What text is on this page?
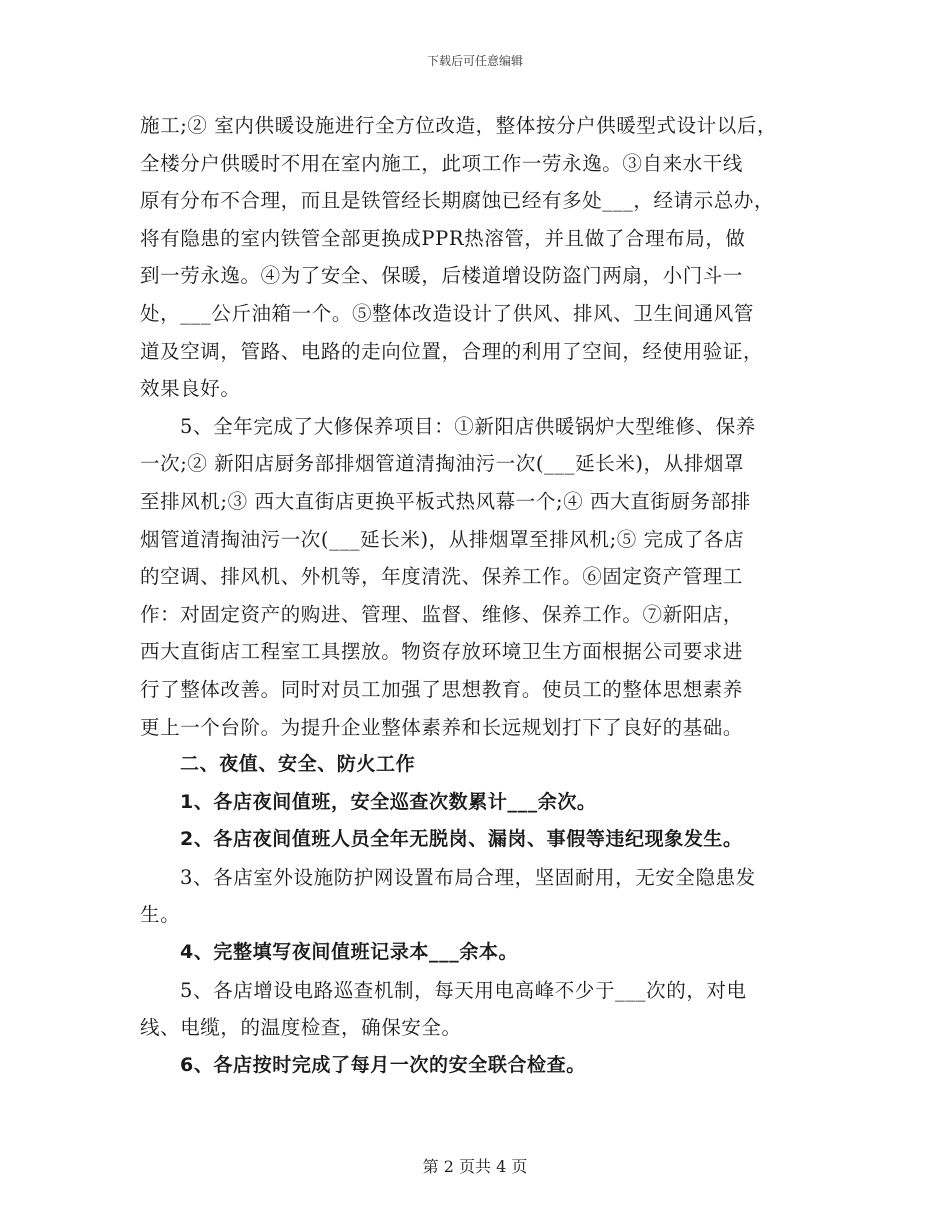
下载后可任意编辑
施工;② 室内供暖设施进行全方位改造，整体按分户供暖型式设计以后，
全楼分户供暖时不用在室内施工，此项工作一劳永逸。③自来水干线
原有分布不合理，而且是铁管经长期腐蚀已经有多处___，经请示总办，
将有隐患的室内铁管全部更换成PPR热溶管，并且做了合理布局，做
到一劳永逸。④为了安全、保暖，后楼道增设防盗门两扇，小门斗一
处，___公斤油箱一个。⑤整体改造设计了供风、排风、卫生间通风管
道及空调，管路、电路的走向位置，合理的利用了空间，经使用验证，
效果良好。
5、全年完成了大修保养项目：①新阳店供暖锅炉大型维修、保养
一次;② 新阳店厨务部排烟管道清掏油污一次(___延长米)，从排烟罩
至排风机;③ 西大直街店更换平板式热风幕一个;④ 西大直街厨务部排
烟管道清掏油污一次(___延长米)，从排烟罩至排风机;⑤ 完成了各店
的空调、排风机、外机等，年度清洗、保养工作。⑥固定资产管理工
作：对固定资产的购进、管理、监督、维修、保养工作。⑦新阳店，
西大直街店工程室工具摆放。物资存放环境卫生方面根据公司要求进
行了整体改善。同时对员工加强了思想教育。使员工的整体思想素养
更上一个台阶。为提升企业整体素养和长远规划打下了良好的基础。
二、夜值、安全、防火工作
1、各店夜间值班，安全巡查次数累计___余次。
2、各店夜间值班人员全年无脱岗、漏岗、事假等违纪现象发生。
3、各店室外设施防护网设置布局合理，坚固耐用，无安全隐患发
生。
4、完整填写夜间值班记录本___余本。
5、各店增设电路巡查机制，每天用电高峰不少于___次的，对电
线、电缆，的温度检查，确保安全。
6、各店按时完成了每月一次的安全联合检查。
第 2 页共 4 页
